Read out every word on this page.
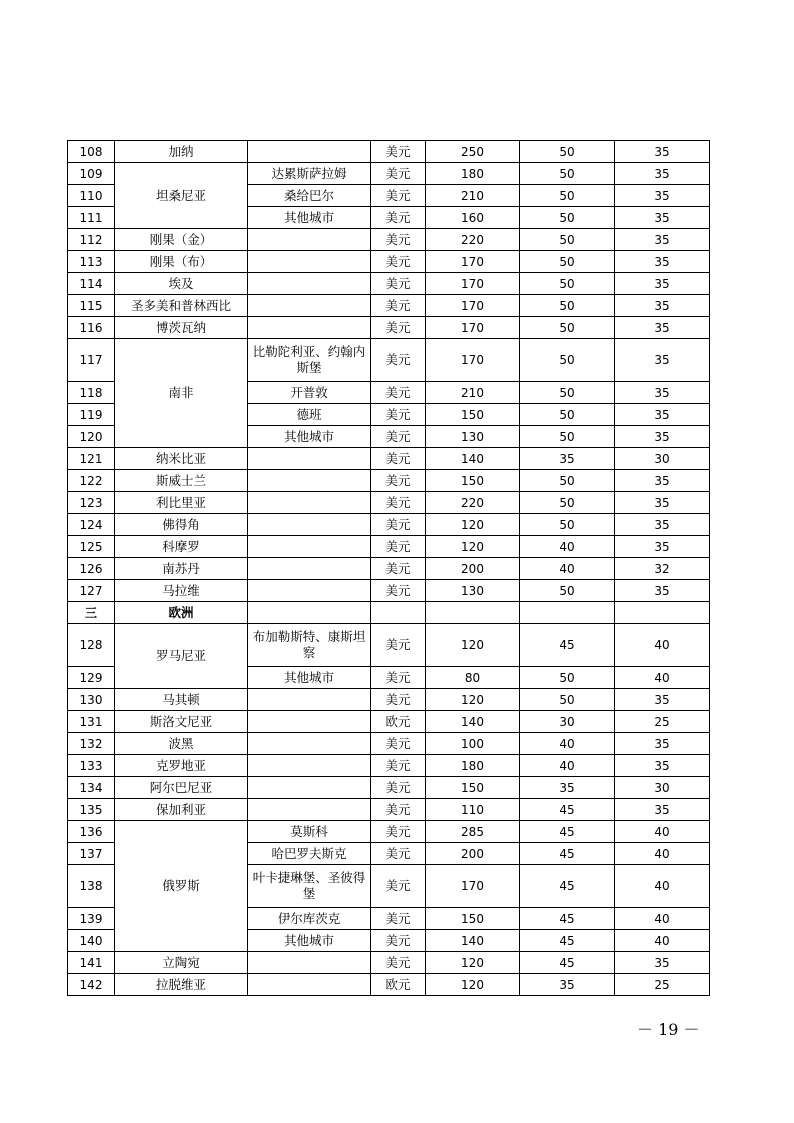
108	加纳		美元	250	50	35
109	坦桑尼亚	达累斯萨拉姆	美元	180	50	35
110		桑给巴尔	美元	210	50	35
111		其他城市	美元	160	50	35
112	刚果（金）		美元	220	50	35
113	刚果（布）		美元	170	50	35
114	埃及		美元	170	50	35
115	圣多美和普林西比		美元	170	50	35
116	博茨瓦纳		美元	170	50	35
117	南非	比勒陀利亚、约翰内斯堡	美元	170	50	35
118		开普敦	美元	210	50	35
119		德班	美元	150	50	35
120		其他城市	美元	130	50	35
121	纳米比亚		美元	140	35	30
122	斯威士兰		美元	150	50	35
123	利比里亚		美元	220	50	35
124	佛得角		美元	120	50	35
125	科摩罗		美元	120	40	35
126	南苏丹		美元	200	40	32
127	马拉维		美元	130	50	35
三	欧洲					
128	罗马尼亚	布加勒斯特、康斯坦察	美元	120	45	40
129		其他城市	美元	80	50	40
130	马其顿		美元	120	50	35
131	斯洛文尼亚		欧元	140	30	25
132	波黑		美元	100	40	35
133	克罗地亚		美元	180	40	35
134	阿尔巴尼亚		美元	150	35	30
135	保加利亚		美元	110	45	35
136	俄罗斯	莫斯科	美元	285	45	40
137		哈巴罗夫斯克	美元	200	45	40
138		叶卡捷琳堡、圣彼得堡	美元	170	45	40
139		伊尔库茨克	美元	150	45	40
140		其他城市	美元	140	45	40
141	立陶宛		美元	120	45	35
142	拉脱维亚		欧元	120	35	25
－ 19 －
